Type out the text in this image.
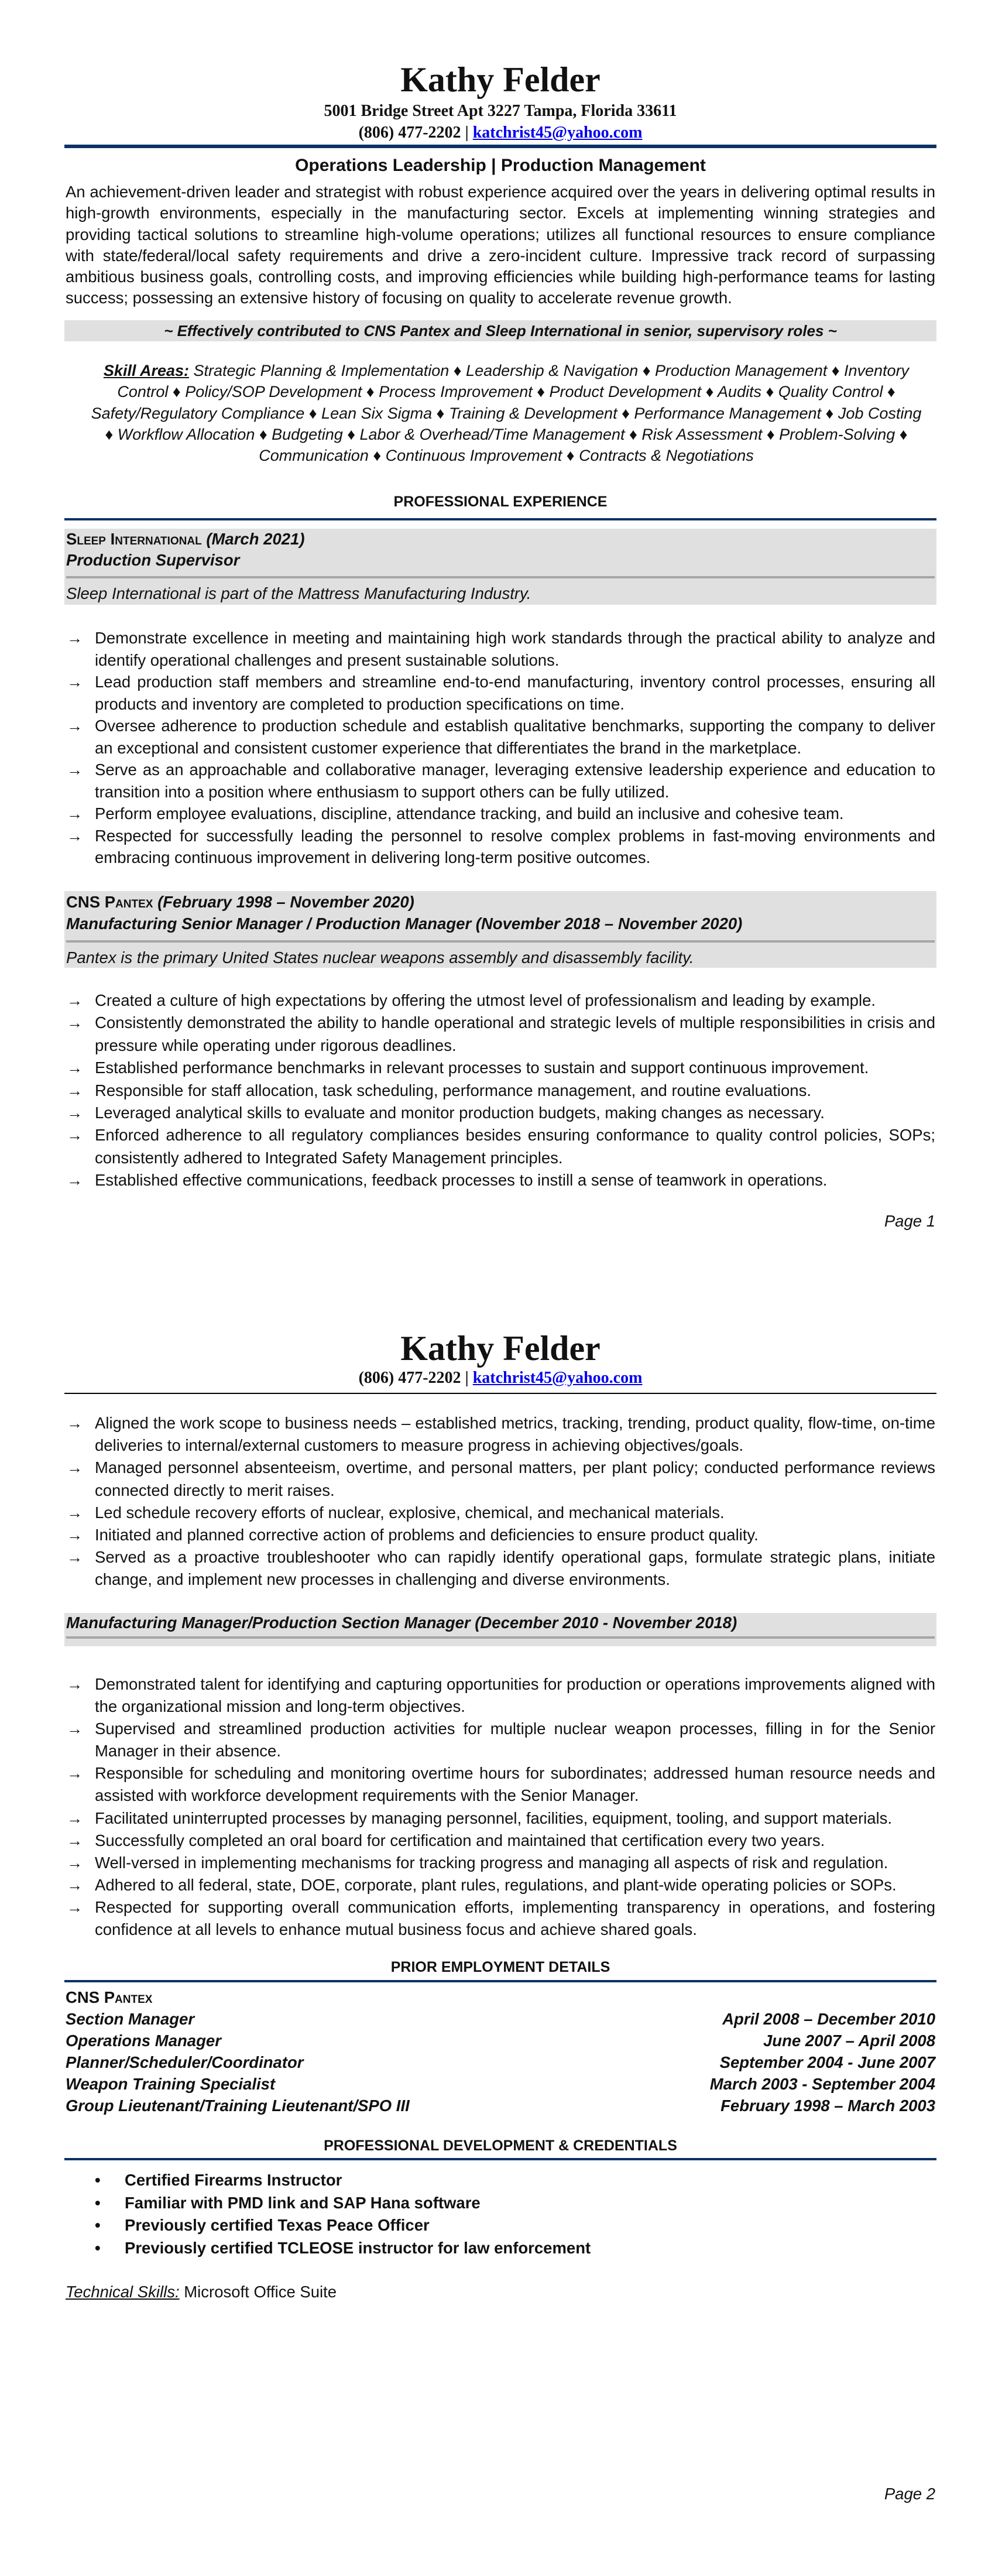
Kathy Felder
5001 Bridge Street Apt 3227 Tampa, Florida 33611
(806) 477-2202 | katchrist45@yahoo.com
Operations Leadership | Production Management
An achievement-driven leader and strategist with robust experience acquired over the years in delivering optimal results in high-growth environments, especially in the manufacturing sector. Excels at implementing winning strategies and providing tactical solutions to streamline high-volume operations; utilizes all functional resources to ensure compliance with state/federal/local safety requirements and drive a zero-incident culture. Impressive track record of surpassing ambitious business goals, controlling costs, and improving efficiencies while building high-performance teams for lasting success; possessing an extensive history of focusing on quality to accelerate revenue growth.
~ Effectively contributed to CNS Pantex and Sleep International in senior, supervisory roles ~
Skill Areas: Strategic Planning & Implementation ♦ Leadership & Navigation ♦ Production Management ♦ Inventory Control ♦ Policy/SOP Development ♦ Process Improvement ♦ Product Development ♦ Audits ♦ Quality Control ♦ Safety/Regulatory Compliance ♦ Lean Six Sigma ♦ Training & Development ♦ Performance Management ♦ Job Costing ♦ Workflow Allocation ♦ Budgeting ♦ Labor & Overhead/Time Management ♦ Risk Assessment ♦ Problem-Solving ♦ Communication ♦ Continuous Improvement ♦ Contracts & Negotiations
PROFESSIONAL EXPERIENCE
Sleep International (March 2021)
Production Supervisor
Sleep International is part of the Mattress Manufacturing Industry.
→ Demonstrate excellence in meeting and maintaining high work standards through the practical ability to analyze and identify operational challenges and present sustainable solutions.
→ Lead production staff members and streamline end-to-end manufacturing, inventory control processes, ensuring all products and inventory are completed to production specifications on time.
→ Oversee adherence to production schedule and establish qualitative benchmarks, supporting the company to deliver an exceptional and consistent customer experience that differentiates the brand in the marketplace.
→ Serve as an approachable and collaborative manager, leveraging extensive leadership experience and education to transition into a position where enthusiasm to support others can be fully utilized.
→ Perform employee evaluations, discipline, attendance tracking, and build an inclusive and cohesive team.
→ Respected for successfully leading the personnel to resolve complex problems in fast-moving environments and embracing continuous improvement in delivering long-term positive outcomes.
CNS Pantex (February 1998 – November 2020)
Manufacturing Senior Manager / Production Manager (November 2018 – November 2020)
Pantex is the primary United States nuclear weapons assembly and disassembly facility.
→ Created a culture of high expectations by offering the utmost level of professionalism and leading by example.
→ Consistently demonstrated the ability to handle operational and strategic levels of multiple responsibilities in crisis and pressure while operating under rigorous deadlines.
→ Established performance benchmarks in relevant processes to sustain and support continuous improvement.
→ Responsible for staff allocation, task scheduling, performance management, and routine evaluations.
→ Leveraged analytical skills to evaluate and monitor production budgets, making changes as necessary.
→ Enforced adherence to all regulatory compliances besides ensuring conformance to quality control policies, SOPs; consistently adhered to Integrated Safety Management principles.
→ Established effective communications, feedback processes to instill a sense of teamwork in operations.
Page 1
Kathy Felder
(806) 477-2202 | katchrist45@yahoo.com
→ Aligned the work scope to business needs – established metrics, tracking, trending, product quality, flow-time, on-time deliveries to internal/external customers to measure progress in achieving objectives/goals.
→ Managed personnel absenteeism, overtime, and personal matters, per plant policy; conducted performance reviews connected directly to merit raises.
→ Led schedule recovery efforts of nuclear, explosive, chemical, and mechanical materials.
→ Initiated and planned corrective action of problems and deficiencies to ensure product quality.
→ Served as a proactive troubleshooter who can rapidly identify operational gaps, formulate strategic plans, initiate change, and implement new processes in challenging and diverse environments.
Manufacturing Manager/Production Section Manager (December 2010 - November 2018)
→ Demonstrated talent for identifying and capturing opportunities for production or operations improvements aligned with the organizational mission and long-term objectives.
→ Supervised and streamlined production activities for multiple nuclear weapon processes, filling in for the Senior Manager in their absence.
→ Responsible for scheduling and monitoring overtime hours for subordinates; addressed human resource needs and assisted with workforce development requirements with the Senior Manager.
→ Facilitated uninterrupted processes by managing personnel, facilities, equipment, tooling, and support materials.
→ Successfully completed an oral board for certification and maintained that certification every two years.
→ Well-versed in implementing mechanisms for tracking progress and managing all aspects of risk and regulation.
→ Adhered to all federal, state, DOE, corporate, plant rules, regulations, and plant-wide operating policies or SOPs.
→ Respected for supporting overall communication efforts, implementing transparency in operations, and fostering confidence at all levels to enhance mutual business focus and achieve shared goals.
PRIOR EMPLOYMENT DETAILS
CNS Pantex
Section Manager	April 2008 – December 2010
Operations Manager	June 2007 – April 2008
Planner/Scheduler/Coordinator	September 2004 - June 2007
Weapon Training Specialist	March 2003 - September 2004
Group Lieutenant/Training Lieutenant/SPO III	February 1998 – March 2003
PROFESSIONAL DEVELOPMENT & CREDENTIALS
• Certified Firearms Instructor
• Familiar with PMD link and SAP Hana software
• Previously certified Texas Peace Officer
• Previously certified TCLEOSE instructor for law enforcement
Technical Skills: Microsoft Office Suite
Page 2
